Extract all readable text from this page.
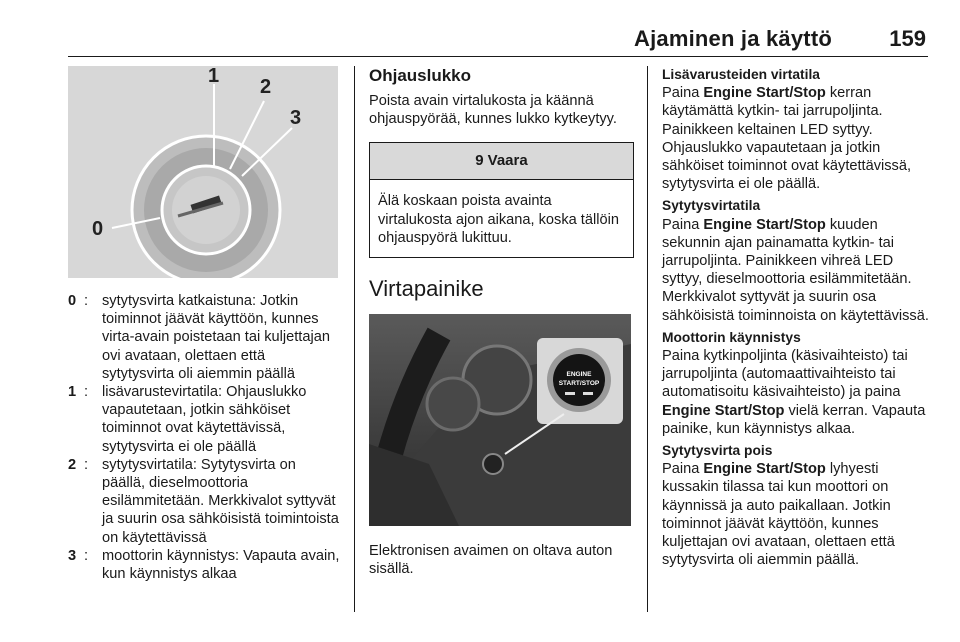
Ajaminen ja käyttö	159
0
1 2
3
0 : sytytysvirta katkaistuna: Jotkin toiminnot jäävät käyttöön, kunnes virta-avain poistetaan tai kuljettajan ovi avataan, olettaen että sytytysvirta oli aiemmin päällä
1 : lisävarustevirtatila: Ohjauslukko vapautetaan, jotkin sähköiset toiminnot ovat käytettävissä, sytytysvirta ei ole päällä
2 : sytytysvirtatila: Sytytysvirta on päällä, dieselmoottoria esilämmitetään. Merkkivalot syttyvät ja suurin osa sähköisistä toimintoista on käytettävissä
3 : moottorin käynnistys: Vapauta avain, kun käynnistys alkaa
Ohjauslukko

Poista avain virtalukosta ja käännä ohjauspyörää, kunnes lukko kytkeytyy.

9 Vaara
Älä koskaan poista avainta virtalukosta ajon aikana, koska tällöin ohjauspyörä lukittuu.
Virtapainike
ENGINE
START/STOP
Elektronisen avaimen on oltava auton sisällä.
Lisävarusteiden virtatila
Paina Engine Start/Stop kerran käytämättä kytkin- tai jarrupoljinta. Painikkeen keltainen LED syttyy. Ohjauslukko vapautetaan ja jotkin sähköiset toiminnot ovat käytettävissä, sytytysvirta ei ole päällä.
Sytytysvirtatila
Paina Engine Start/Stop kuuden sekunnin ajan painamatta kytkin- tai jarrupoljinta. Painikkeen vihreä LED syttyy, dieselmoottoria esilämmitetään. Merkkivalot syttyvät ja suurin osa sähköisistä toiminnoista on käytettävissä.
Moottorin käynnistys
Paina kytkinpoljinta (käsivaihteisto) tai jarrupoljinta (automaattivaihteisto tai automatisoitu käsivaihteisto) ja paina Engine Start/Stop vielä kerran. Vapauta painike, kun käynnistys alkaa.
Sytytysvirta pois
Paina Engine Start/Stop lyhyesti kussakin tilassa tai kun moottori on käynnissä ja auto paikallaan. Jotkin toiminnot jäävät käyttöön, kunnes kuljettajan ovi avataan, olettaen että sytytysvirta oli aiemmin päällä.
